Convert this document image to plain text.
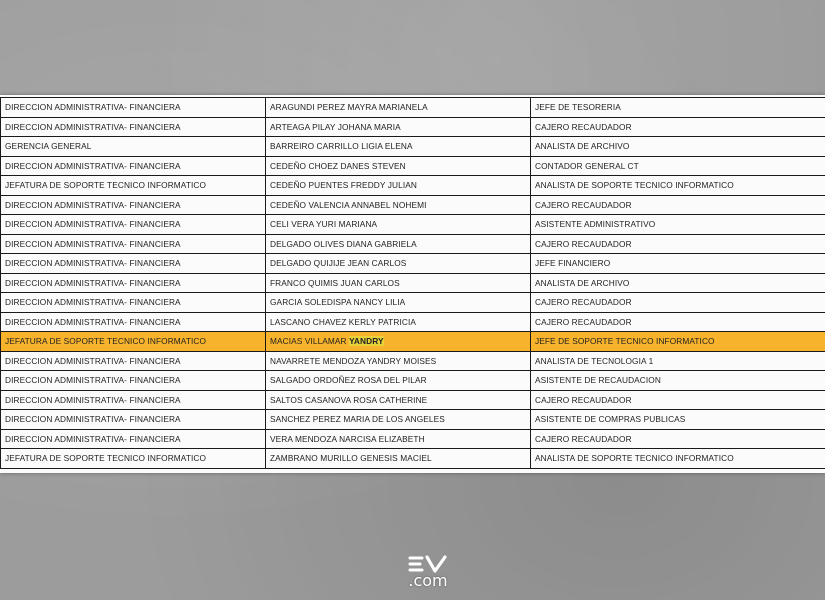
DIRECCION ADMINISTRATIVA- FINANCIERA	ARAGUNDI PEREZ MAYRA MARIANELA	JEFE DE TESORERIA
DIRECCION ADMINISTRATIVA- FINANCIERA	ARTEAGA PILAY JOHANA MARIA	CAJERO RECAUDADOR
GERENCIA GENERAL	BARREIRO CARRILLO LIGIA ELENA	ANALISTA DE ARCHIVO
DIRECCION ADMINISTRATIVA- FINANCIERA	CEDEÑO CHOEZ DANES STEVEN	CONTADOR GENERAL CT
JEFATURA DE SOPORTE TECNICO INFORMATICO	CEDEÑO PUENTES FREDDY JULIAN	ANALISTA DE SOPORTE TECNICO INFORMATICO
DIRECCION ADMINISTRATIVA- FINANCIERA	CEDEÑO VALENCIA ANNABEL NOHEMI	CAJERO RECAUDADOR
DIRECCION ADMINISTRATIVA- FINANCIERA	CELI VERA YURI MARIANA	ASISTENTE ADMINISTRATIVO
DIRECCION ADMINISTRATIVA- FINANCIERA	DELGADO OLIVES DIANA GABRIELA	CAJERO RECAUDADOR
DIRECCION ADMINISTRATIVA- FINANCIERA	DELGADO QUIJIJE JEAN CARLOS	JEFE FINANCIERO
DIRECCION ADMINISTRATIVA- FINANCIERA	FRANCO QUIMIS JUAN CARLOS	ANALISTA DE ARCHIVO
DIRECCION ADMINISTRATIVA- FINANCIERA	GARCIA SOLEDISPA NANCY LILIA	CAJERO RECAUDADOR
DIRECCION ADMINISTRATIVA- FINANCIERA	LASCANO CHAVEZ KERLY PATRICIA	CAJERO RECAUDADOR
JEFATURA DE SOPORTE TECNICO INFORMATICO	MACIAS VILLAMAR YANDRY	JEFE DE SOPORTE TECNICO INFORMATICO
DIRECCION ADMINISTRATIVA- FINANCIERA	NAVARRETE MENDOZA YANDRY MOISES	ANALISTA DE TECNOLOGIA 1
DIRECCION ADMINISTRATIVA- FINANCIERA	SALGADO ORDOÑEZ ROSA DEL PILAR	ASISTENTE DE RECAUDACION
DIRECCION ADMINISTRATIVA- FINANCIERA	SALTOS CASANOVA ROSA CATHERINE	CAJERO RECAUDADOR
DIRECCION ADMINISTRATIVA- FINANCIERA	SANCHEZ PEREZ MARIA DE LOS ANGELES	ASISTENTE DE COMPRAS PUBLICAS
DIRECCION ADMINISTRATIVA- FINANCIERA	VERA MENDOZA NARCISA ELIZABETH	CAJERO RECAUDADOR
JEFATURA DE SOPORTE TECNICO INFORMATICO	ZAMBRANO MURILLO GENESIS MACIEL	ANALISTA DE SOPORTE TECNICO INFORMATICO
.com
